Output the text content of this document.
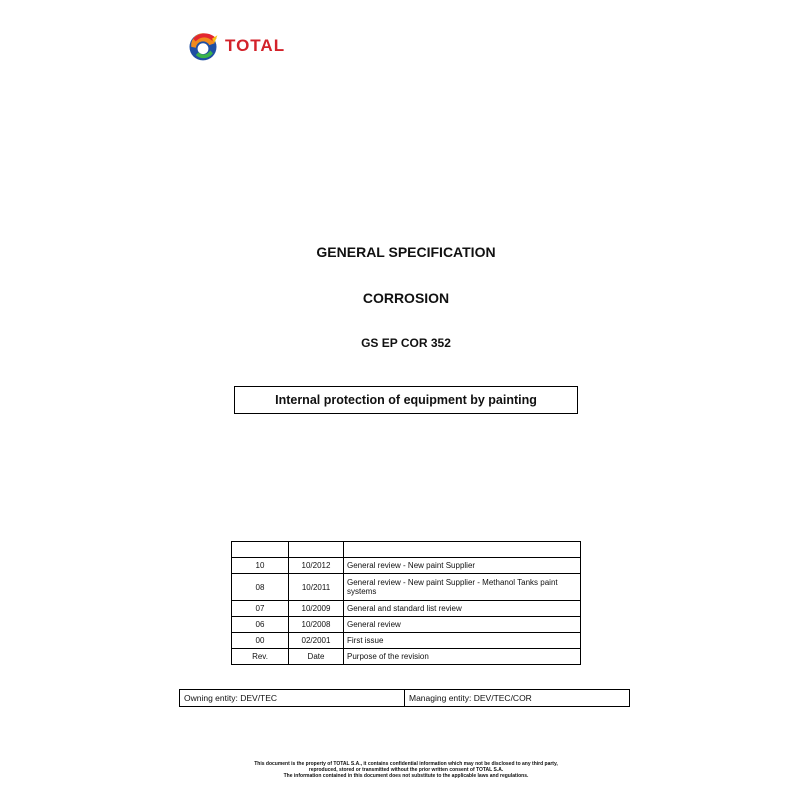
TOTAL
GENERAL SPECIFICATION
CORROSION
GS EP COR 352
Internal protection of equipment by painting

10	10/2012	General review - New paint Supplier
08	10/2011	General review - New paint Supplier - Methanol Tanks paint systems
07	10/2009	General and standard list review
06	10/2008	General review
00	02/2001	First issue
Rev.	Date	Purpose of the revision
Owning entity: DEV/TEC	Managing entity: DEV/TEC/COR
This document is the property of TOTAL S.A., it contains confidential information which may not be disclosed to any third party,
reproduced, stored or transmitted without the prior written consent of TOTAL S.A.
The information contained in this document does not substitute to the applicable laws and regulations.
